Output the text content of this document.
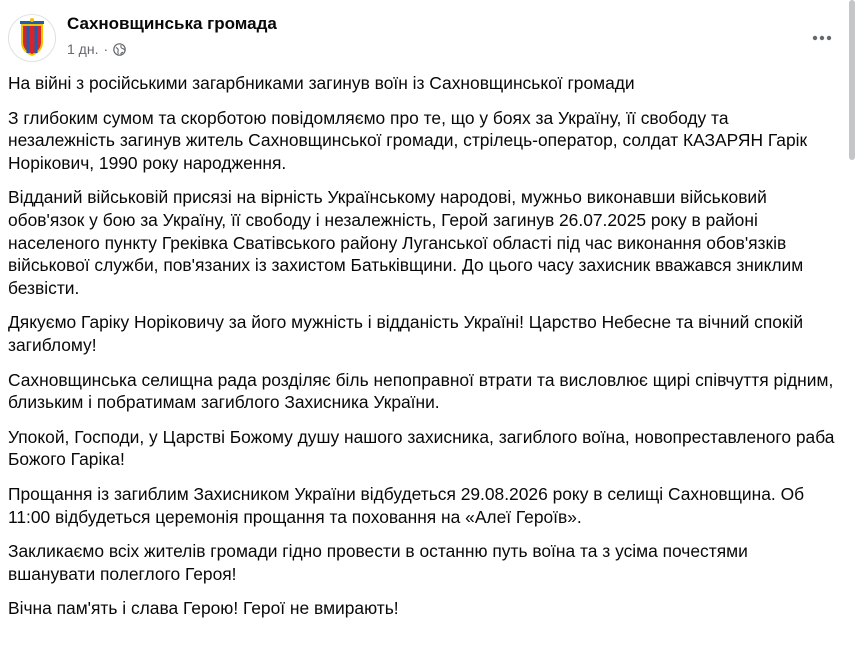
Сахновщинська громада
1 дн. ·

На війні з російськими загарбниками загинув воїн із Сахновщинської громади

З глибоким сумом та скорботою повідомляємо про те, що у боях за Україну, її свободу та незалежність загинув житель Сахновщинської громади, стрілець-оператор, солдат КАЗАРЯН Гарік Норікович, 1990 року народження.

Відданий військовій присязі на вірність Українському народові, мужньо виконавши військовий обов'язок у бою за Україну, її свободу і незалежність, Герой загинув 26.07.2025 року в районі населеного пункту Греківка Сватівського району Луганської області під час виконання обов'язків військової служби, пов'язаних із захистом Батьківщини. До цього часу захисник вважався зниклим безвісти.

Дякуємо Гаріку Норіковичу за його мужність і відданість Україні! Царство Небесне та вічний спокій загиблому!

Сахновщинська селищна рада розділяє біль непоправної втрати та висловлює щирі співчуття рідним, близьким і побратимам загиблого Захисника України.

Упокой, Господи, у Царстві Божому душу нашого захисника, загиблого воїна, новопреставленого раба Божого Гаріка!

Прощання із загиблим Захисником України відбудеться 29.08.2026 року в селищі Сахновщина. Об 11:00 відбудеться церемонія прощання та поховання на «Алеї Героїв».

Закликаємо всіх жителів громади гідно провести в останню путь воїна та з усіма почестями вшанувати полеглого Героя!

Вічна пам'ять і слава Герою! Герої не вмирають!
